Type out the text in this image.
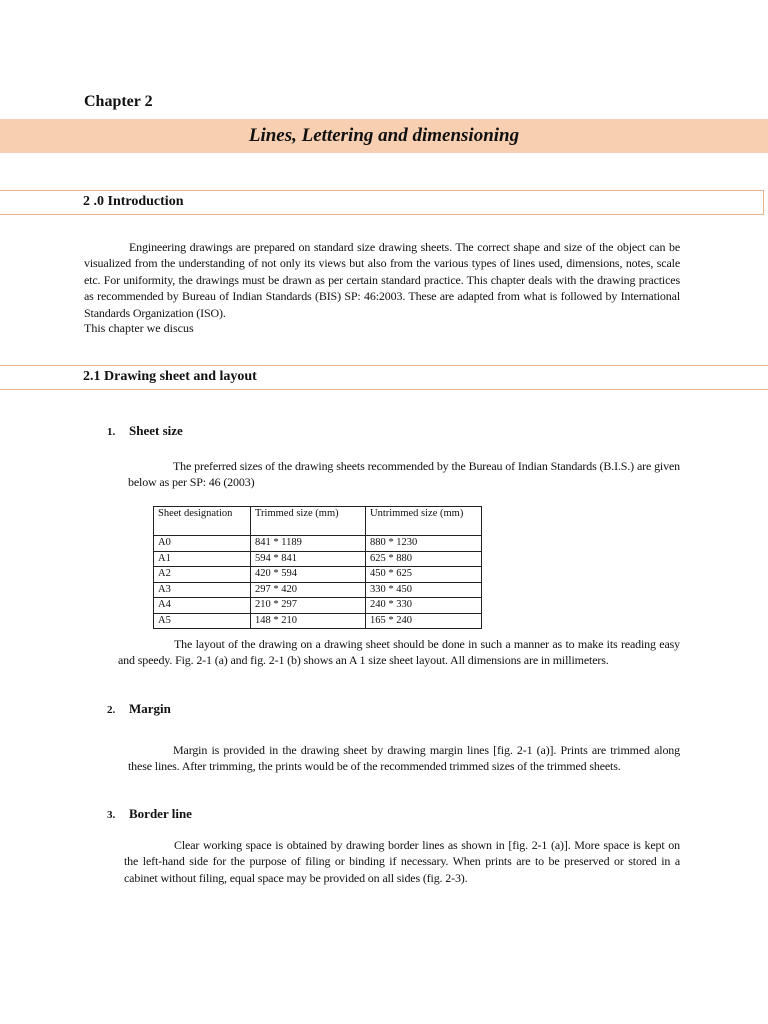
Chapter 2
Lines, Lettering and dimensioning
2 .0 Introduction
Engineering drawings are prepared on standard size drawing sheets. The correct shape and size of the object can be visualized from the understanding of not only its views but also from the various types of lines used, dimensions, notes, scale etc. For uniformity, the drawings must be drawn as per certain standard practice. This chapter deals with the drawing practices as recommended by Bureau of Indian Standards (BIS) SP: 46:2003. These are adapted from what is followed by International Standards Organization (ISO).
This chapter we discus
2.1 Drawing sheet and layout
1. Sheet size
The preferred sizes of the drawing sheets recommended by the Bureau of Indian Standards (B.I.S.) are given below as per SP: 46 (2003)
Sheet designation	Trimmed size (mm)	Untrimmed size (mm)
A0	841 * 1189	880 * 1230
A1	594 * 841	625 * 880
A2	420 * 594	450 * 625
A3	297 * 420	330 * 450
A4	210 * 297	240 * 330
A5	148 * 210	165 * 240
The layout of the drawing on a drawing sheet should be done in such a manner as to make its reading easy and speedy. Fig. 2-1 (a) and fig. 2-1 (b) shows an A 1 size sheet layout. All dimensions are in millimeters.
2. Margin
Margin is provided in the drawing sheet by drawing margin lines [fig. 2-1 (a)]. Prints are trimmed along these lines. After trimming, the prints would be of the recommended trimmed sizes of the trimmed sheets.
3. Border line
Clear working space is obtained by drawing border lines as shown in [fig. 2-1 (a)]. More space is kept on the left-hand side for the purpose of filing or binding if necessary. When prints are to be preserved or stored in a cabinet without filing, equal space may be provided on all sides (fig. 2-3).
